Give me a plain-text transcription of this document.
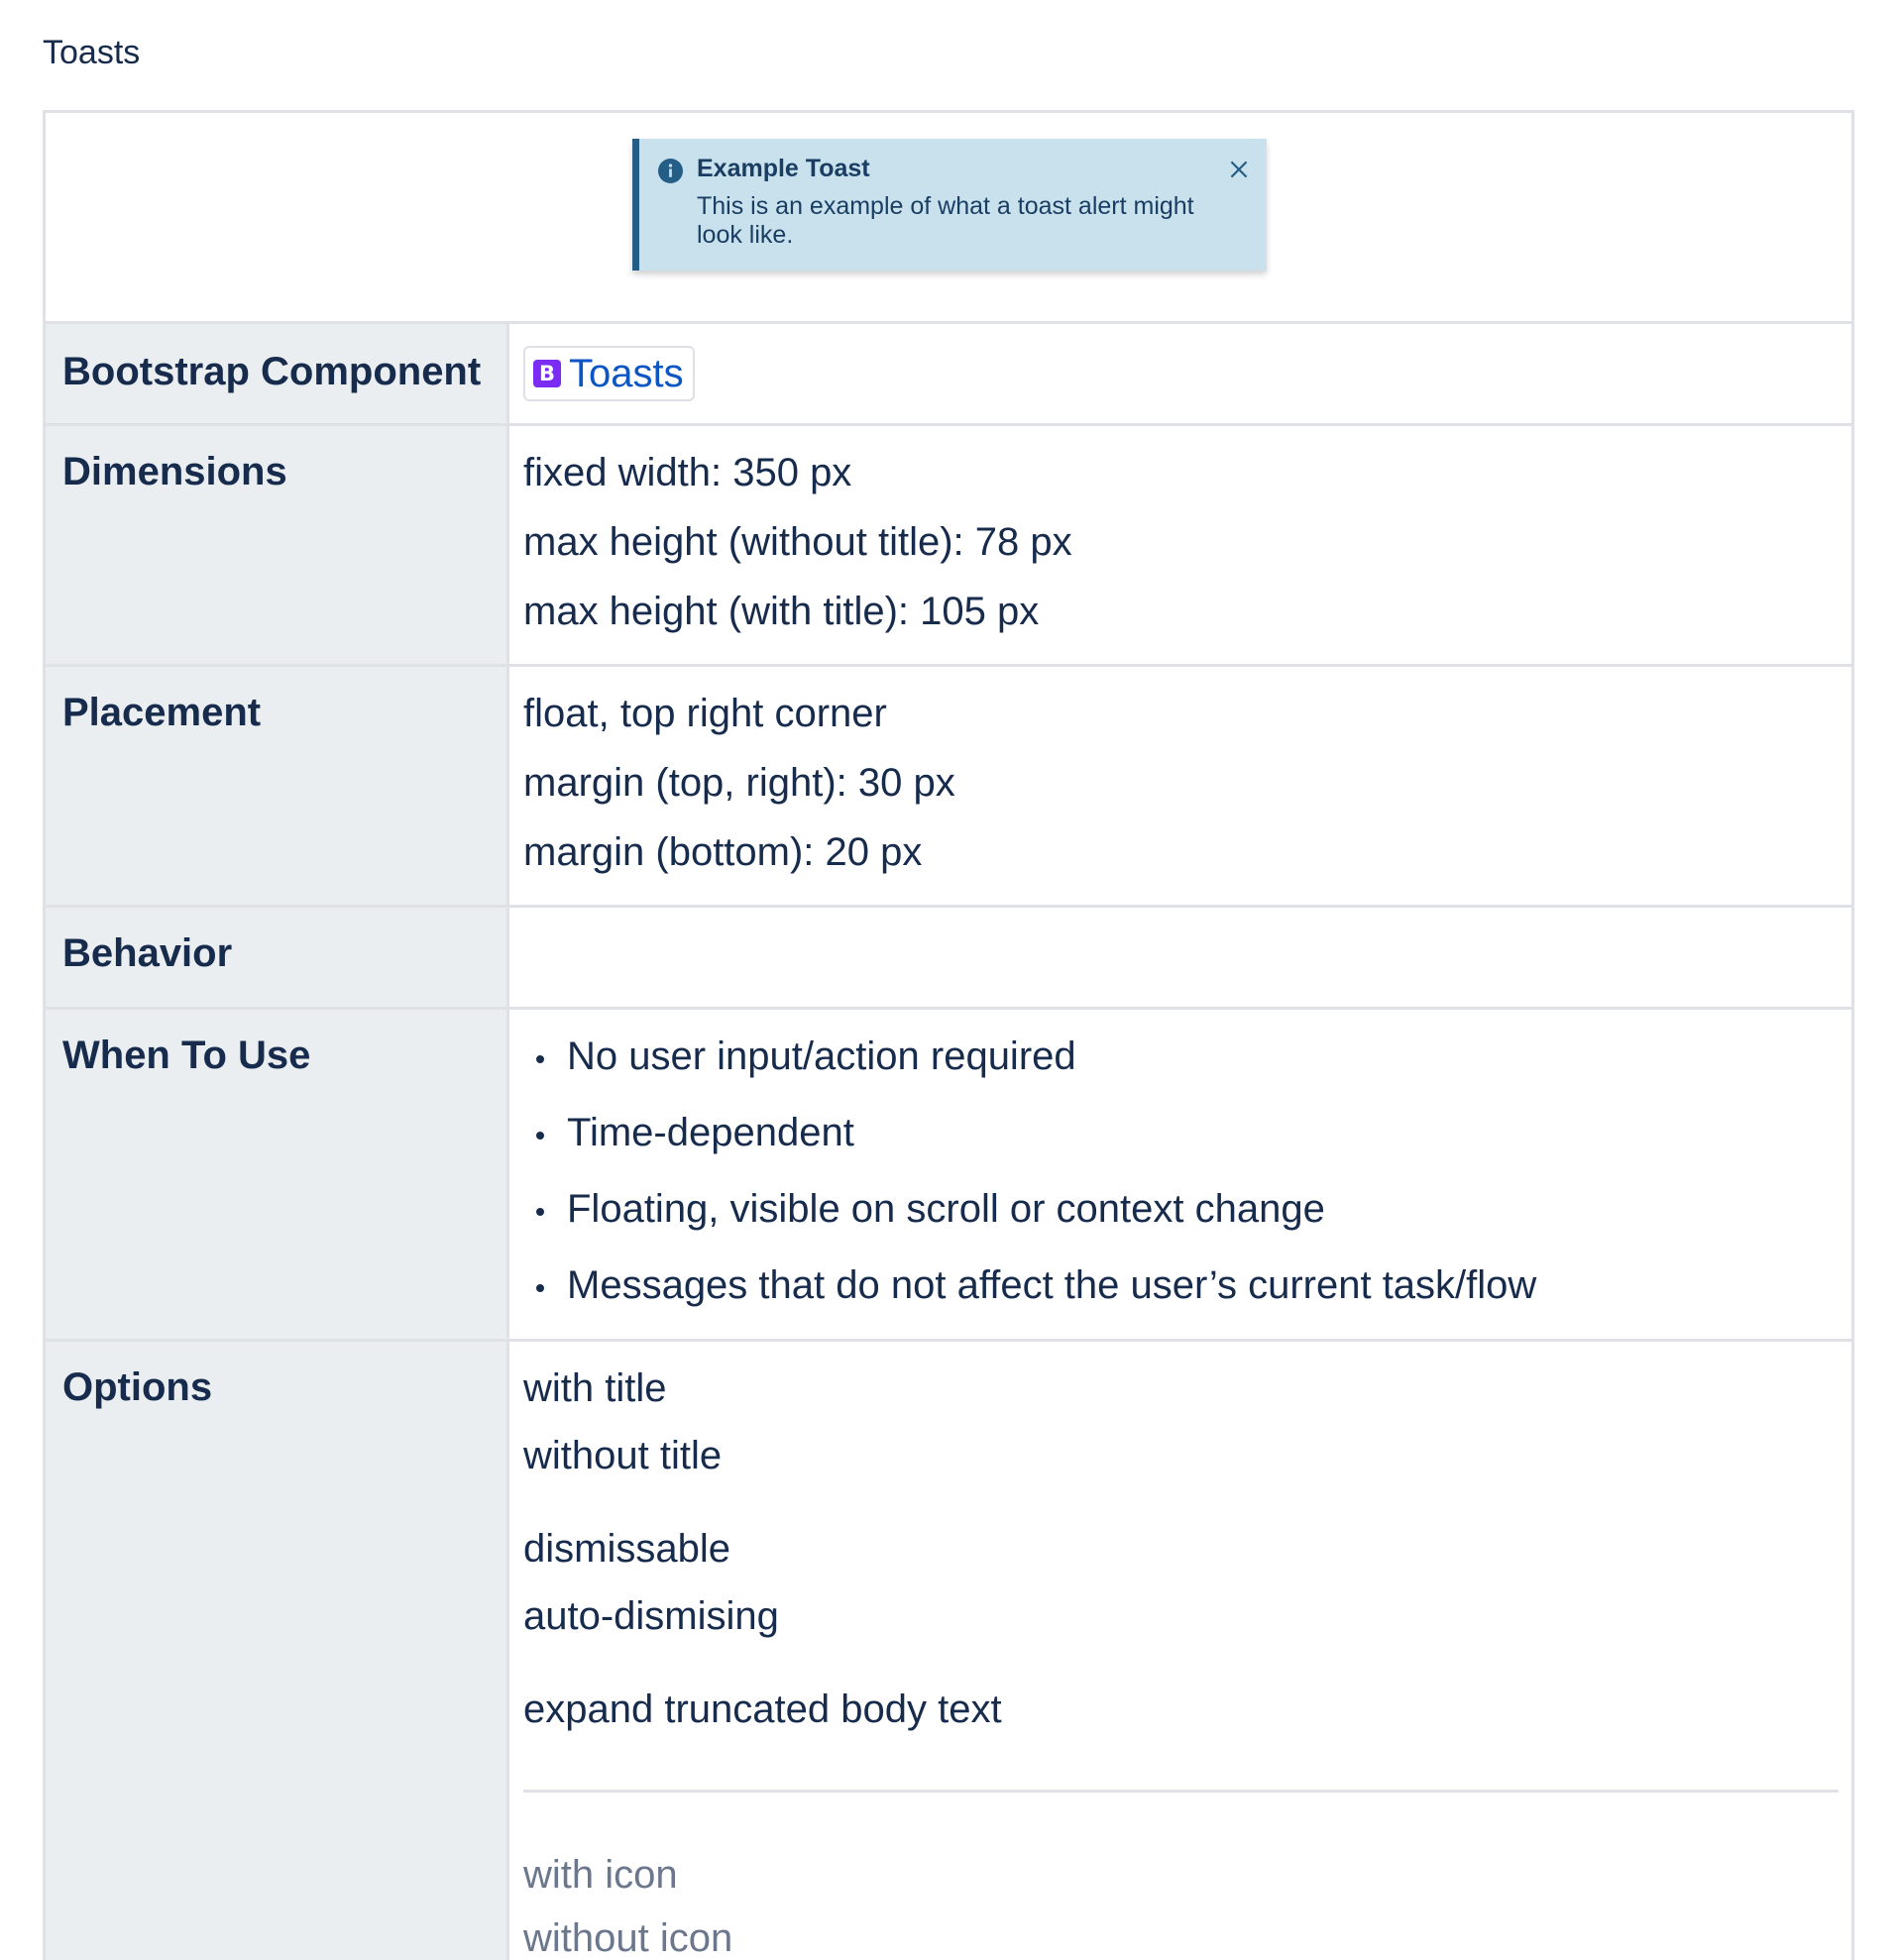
Toasts
Example Toast
This is an example of what a toast alert might look like.
Bootstrap Component	B Toasts
Dimensions	fixed width: 350 px
max height (without title): 78 px
max height (with title): 105 px
Placement	float, top right corner
margin (top, right): 30 px
margin (bottom): 20 px
Behavior
When To Use	No user input/action required
Time-dependent
Floating, visible on scroll or context change
Messages that do not affect the user’s current task/flow
Options	with title
without title
dismissable
auto-dismising
expand truncated body text
with icon
without icon
